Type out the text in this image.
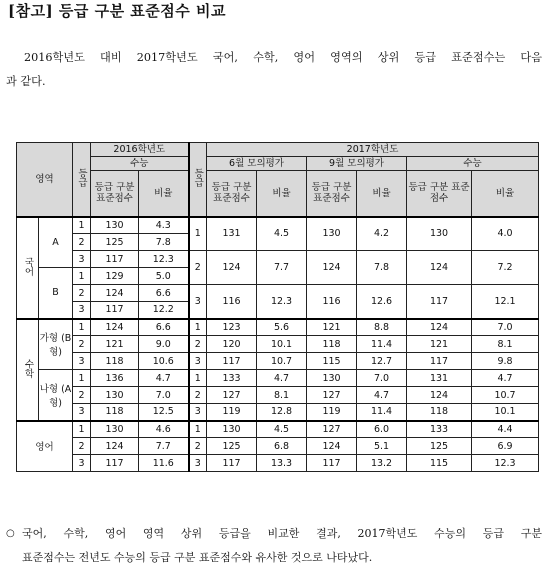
[참고] 등급 구분 표준점수 비교
2016학년도 대비 2017학년도 국어, 수학, 영어 영역의 상위 등급 표준점수는 다음
과 같다.
영역		등급	2016학년도		등급	2017학년도					
			수능			6월 모의평가		9월 모의평가		수능	
			등급 구분 표준점수	비율		등급 구분 표준점수	비율	등급 구분 표준점수	비율	등급 구분 표준점수	비율
국어	A	1	130	4.3	1	131	4.5	130	4.2	130	4.0
		2	125	7.8							
		3	117	12.3	2	124	7.7	124	7.8	124	7.2
	B	1	129	5.0							
		2	124	6.6	3	116	12.3	116	12.6	117	12.1
		3	117	12.2							
수학	가형 (B형)	1	124	6.6	1	123	5.6	121	8.8	124	7.0
		2	121	9.0	2	120	10.1	118	11.4	121	8.1
		3	118	10.6	3	117	10.7	115	12.7	117	9.8
	나형 (A형)	1	136	4.7	1	133	4.7	130	7.0	131	4.7
		2	130	7.0	2	127	8.1	127	4.7	124	10.7
		3	118	12.5	3	119	12.8	119	11.4	118	10.1
영어		1	130	4.6	1	130	4.5	127	6.0	133	4.4
		2	124	7.7	2	125	6.8	124	5.1	125	6.9
		3	117	11.6	3	117	13.3	117	13.2	115	12.3
○ 국어, 수학, 영어 영역 상위 등급을 비교한 결과, 2017학년도 수능의 등급 구분
표준점수는 전년도 수능의 등급 구분 표준점수와 유사한 것으로 나타났다.
